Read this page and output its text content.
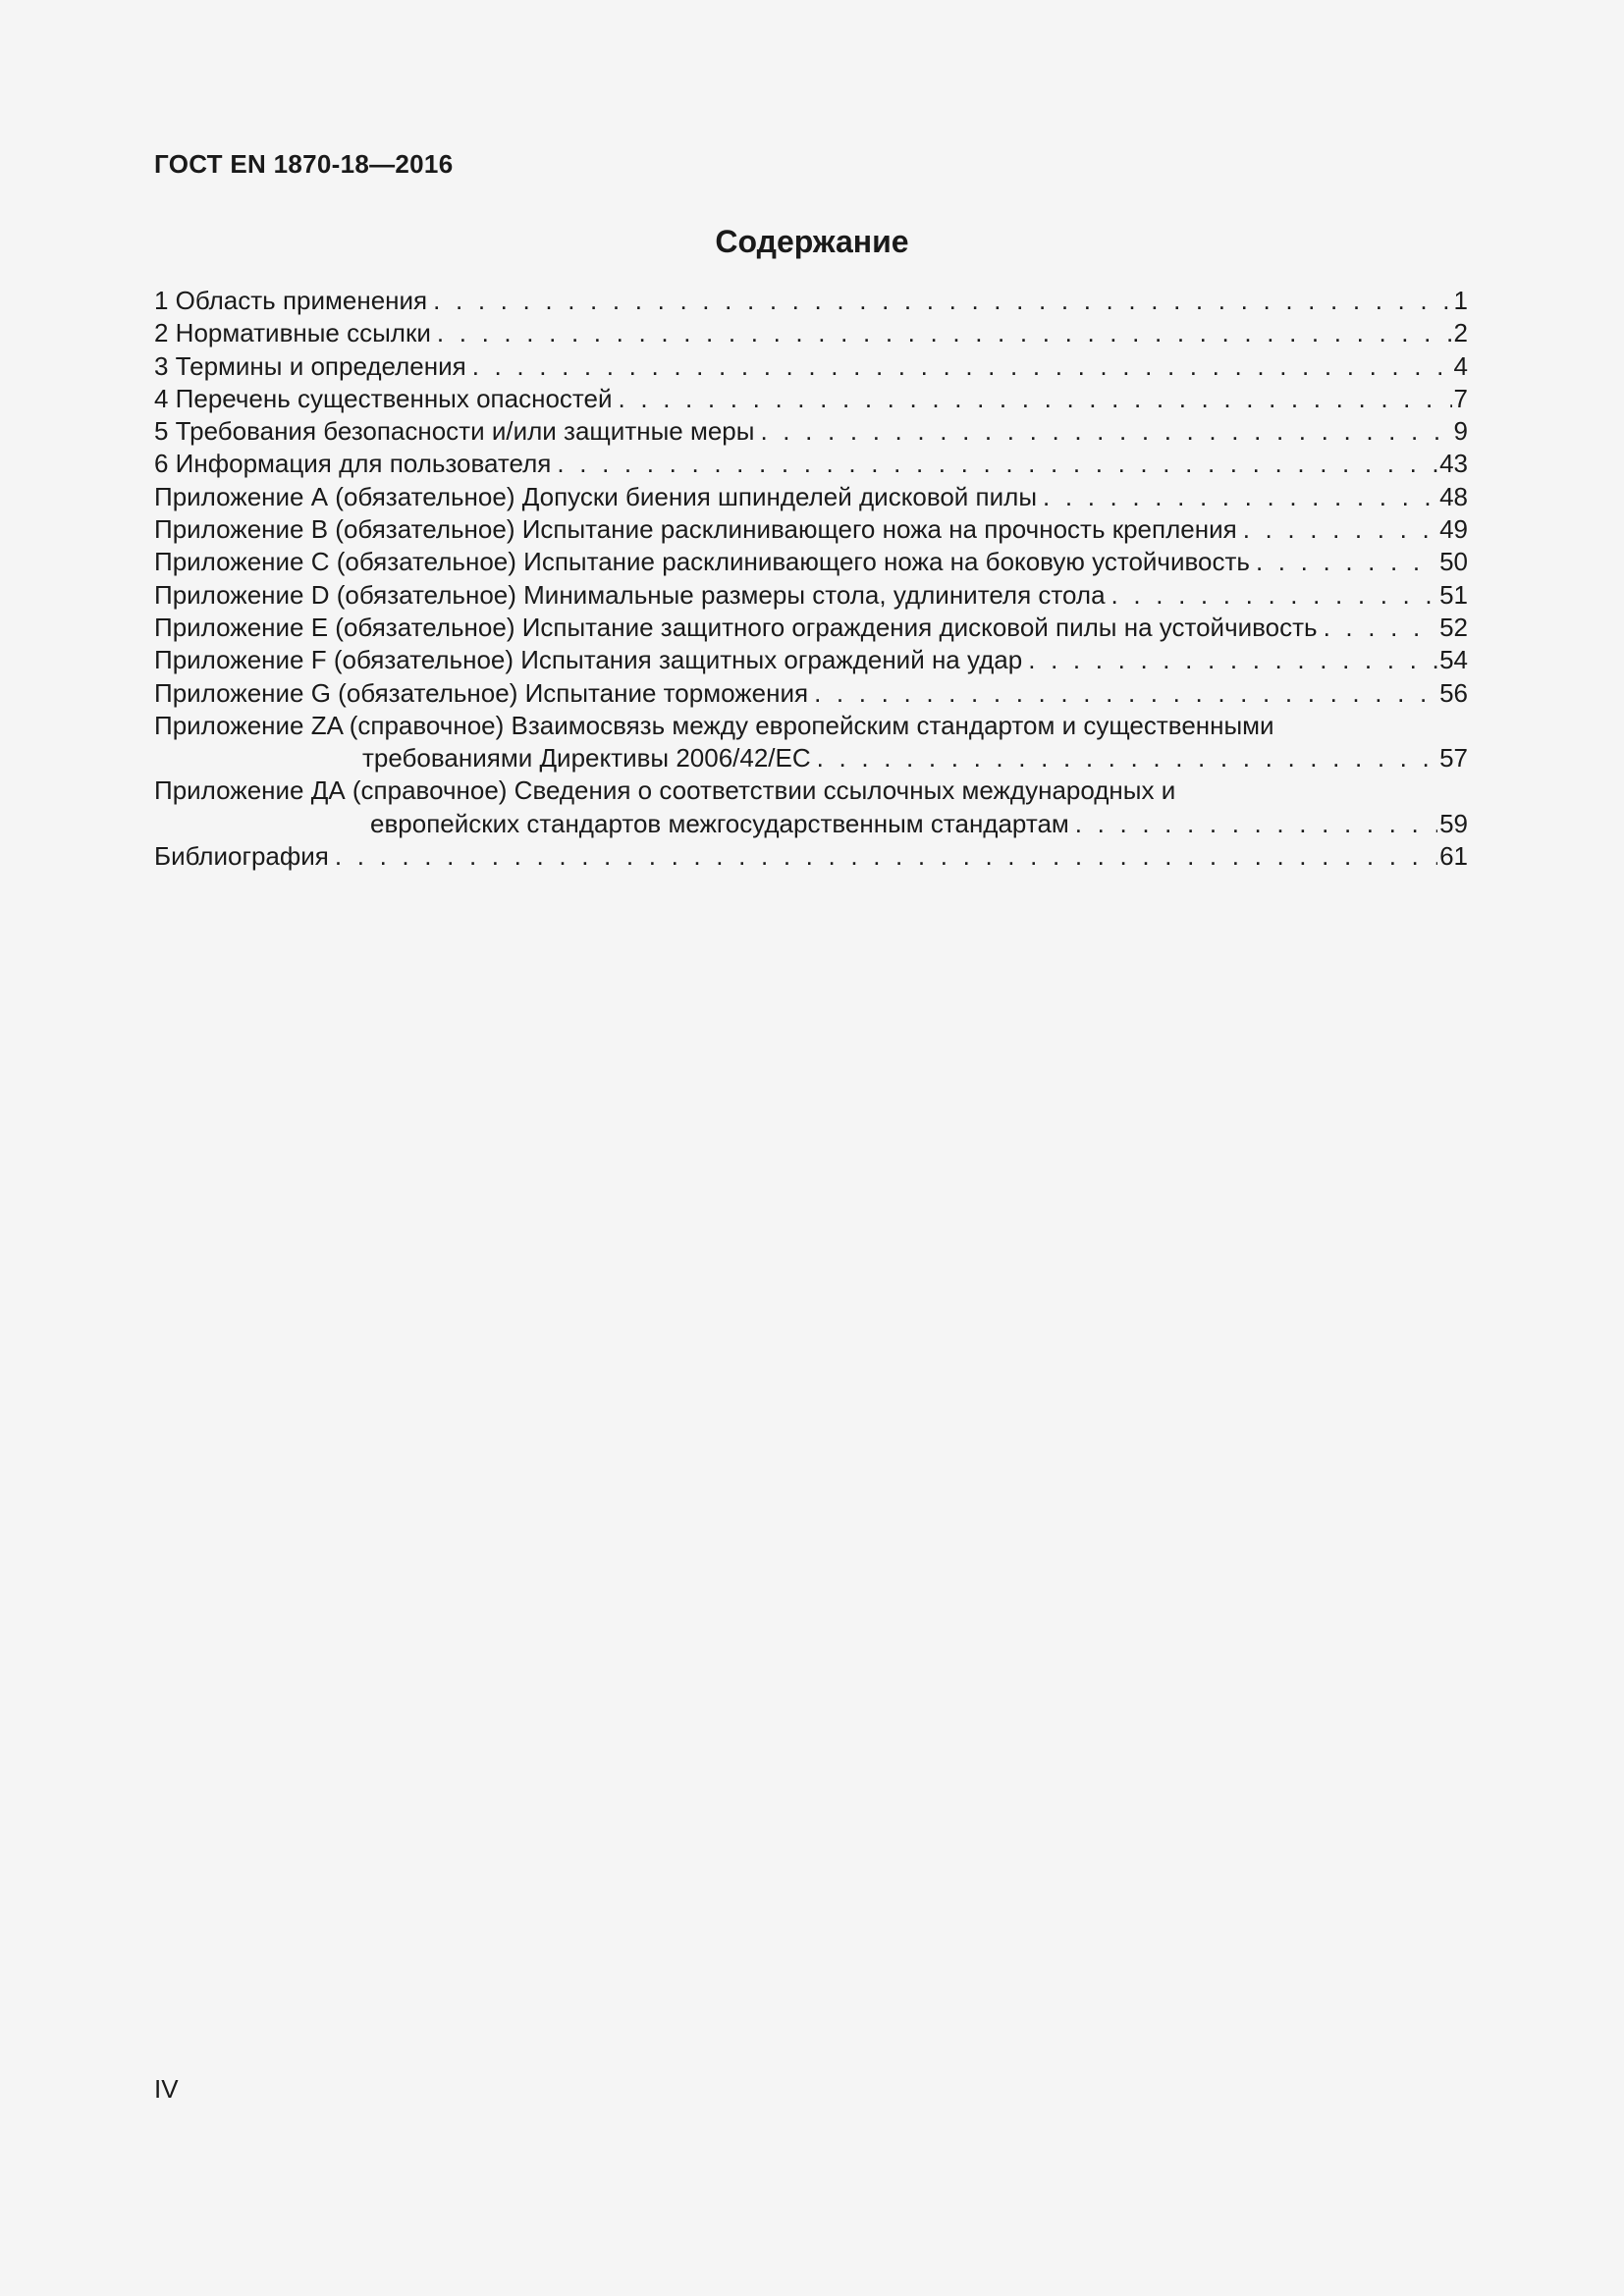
ГОСТ EN 1870-18—2016
Содержание
1 Область применения . . .	1
2 Нормативные ссылки . . .	2
3 Термины и определения . . .	4
4 Перечень существенных опасностей . . .	7
5 Требования безопасности и/или защитные меры . . .	9
6 Информация для пользователя . . .	43
Приложение А (обязательное) Допуски биения шпинделей дисковой пилы . . .	48
Приложение В (обязательное) Испытание расклинивающего ножа на прочность крепления . . .	49
Приложение С (обязательное) Испытание расклинивающего ножа на боковую устойчивость . . .	50
Приложение D (обязательное) Минимальные размеры стола, удлинителя стола . . .	51
Приложение E (обязательное) Испытание защитного ограждения дисковой пилы на устойчивость . . .	52
Приложение F (обязательное) Испытания защитных ограждений на удар . . .	54
Приложение G (обязательное) Испытание торможения . . .	56
Приложение ZA (справочное) Взаимосвязь между европейским стандартом и существенными
требованиями Директивы 2006/42/ЕС . . .	57
Приложение ДА (справочное) Сведения о соответствии ссылочных международных и
европейских стандартов межгосударственным стандартам . . .	59
Библиография . . .	61
IV
